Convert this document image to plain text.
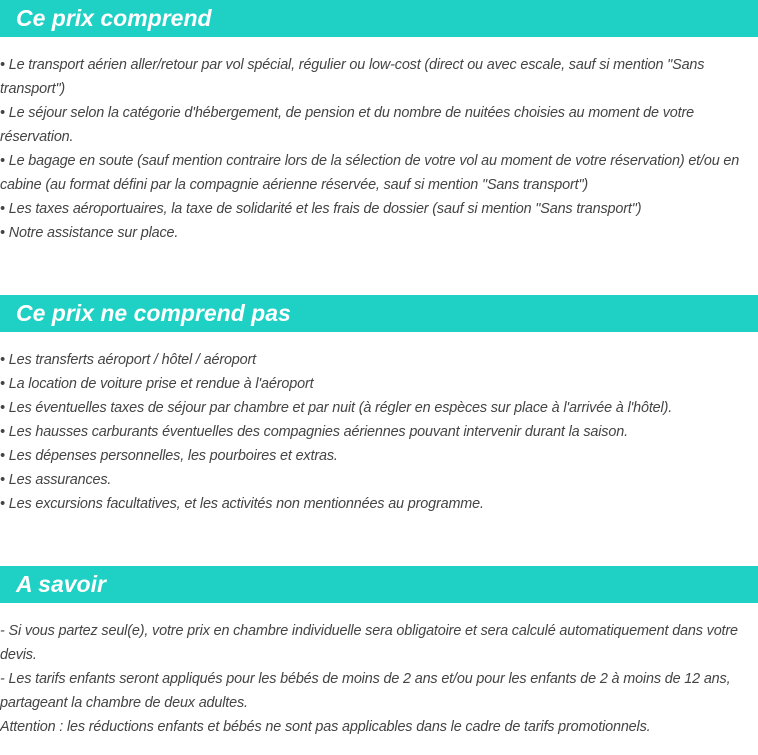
Ce prix comprend
• Le transport aérien aller/retour par vol spécial, régulier ou low-cost (direct ou avec escale, sauf si mention "Sans transport")
• Le séjour selon la catégorie d'hébergement, de pension et du nombre de nuitées choisies au moment de votre réservation.
• Le bagage en soute (sauf mention contraire lors de la sélection de votre vol au moment de votre réservation) et/ou en cabine (au format défini par la compagnie aérienne réservée, sauf si mention "Sans transport")
• Les taxes aéroportuaires, la taxe de solidarité et les frais de dossier (sauf si mention "Sans transport")
• Notre assistance sur place.
Ce prix ne comprend pas
• Les transferts aéroport / hôtel / aéroport
• La location de voiture prise et rendue à l'aéroport
• Les éventuelles taxes de séjour par chambre et par nuit (à régler en espèces sur place à l'arrivée à l'hôtel).
• Les hausses carburants éventuelles des compagnies aériennes pouvant intervenir durant la saison.
• Les dépenses personnelles, les pourboires et extras.
• Les assurances.
• Les excursions facultatives, et les activités non mentionnées au programme.
A savoir
- Si vous partez seul(e), votre prix en chambre individuelle sera obligatoire et sera calculé automatiquement dans votre devis.
- Les tarifs enfants seront appliqués pour les bébés de moins de 2 ans et/ou pour les enfants de 2 à moins de 12 ans, partageant la chambre de deux adultes.
Attention : les réductions enfants et bébés ne sont pas applicables dans le cadre de tarifs promotionnels.
